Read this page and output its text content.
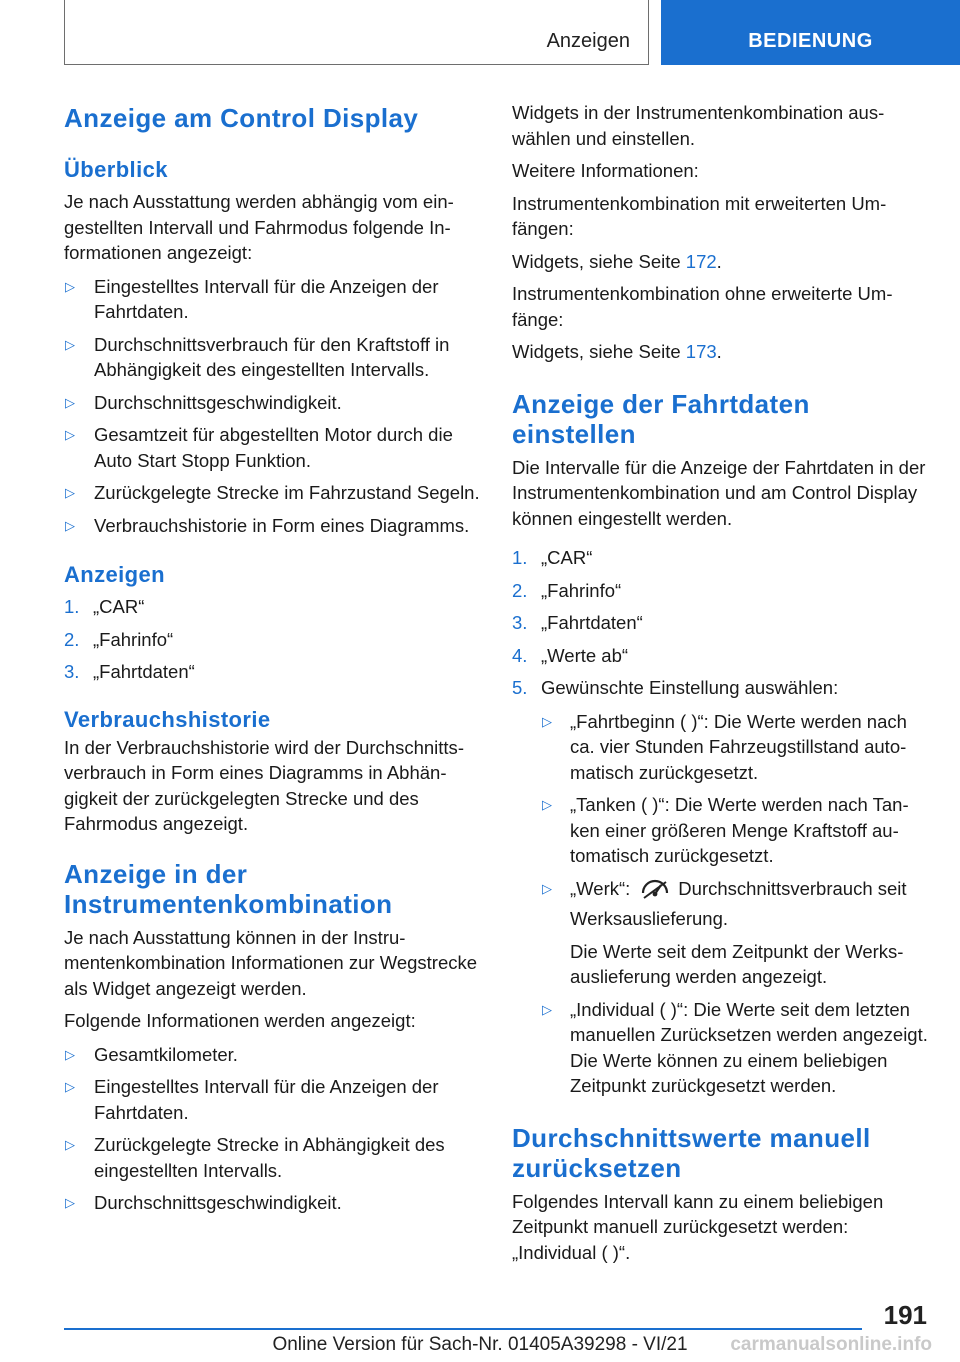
Anzeigen	BEDIENUNG
Anzeige am Control Display
Überblick

Je nach Ausstattung werden abhängig vom eingestellten Intervall und Fahrmodus folgende Informationen angezeigt:

▷ Eingestelltes Intervall für die Anzeigen der Fahrtdaten.
▷ Durchschnittsverbrauch für den Kraftstoff in Abhängigkeit des eingestellten Intervalls.
▷ Durchschnittsgeschwindigkeit.
▷ Gesamtzeit für abgestellten Motor durch die Auto Start Stopp Funktion.
▷ Zurückgelegte Strecke im Fahrzustand Segeln.
▷ Verbrauchshistorie in Form eines Diagramms.
Anzeigen
1. „CAR“
2. „Fahrinfo“
3. „Fahrtdaten“
Verbrauchshistorie

In der Verbrauchshistorie wird der Durchschnittsverbrauch in Form eines Diagramms in Abhängigkeit der zurückgelegten Strecke und des Fahrmodus angezeigt.

Anzeige in der Instrumentenkombination

Je nach Ausstattung können in der Instrumentenkombination Informationen zur Wegstrecke als Widget angezeigt werden.

Folgende Informationen werden angezeigt:

▷ Gesamtkilometer.
▷ Eingestelltes Intervall für die Anzeigen der Fahrtdaten.
▷ Zurückgelegte Strecke in Abhängigkeit des eingestellten Intervalls.
▷ Durchschnittsgeschwindigkeit.

Widgets in der Instrumentenkombination auswählen und einstellen.

Weitere Informationen:

Instrumentenkombination mit erweiterten Umfängen:

Widgets, siehe Seite 172.

Instrumentenkombination ohne erweiterte Umfänge:

Widgets, siehe Seite 173.

Anzeige der Fahrtdaten einstellen

Die Intervalle für die Anzeige der Fahrtdaten in der Instrumentenkombination und am Control Display können eingestellt werden.

1. „CAR“
2. „Fahrinfo“
3. „Fahrtdaten“
4. „Werte ab“
5. Gewünschte Einstellung auswählen:
▷ „Fahrtbeginn ( )“: Die Werte werden nach ca. vier Stunden Fahrzeugstillstand automatisch zurückgesetzt.
▷ „Tanken ( )“: Die Werte werden nach Tanken einer größeren Menge Kraftstoff automatisch zurückgesetzt.
▷ „Werk“:	Durchschnittsverbrauch seit Werksauslieferung.

Die Werte seit dem Zeitpunkt der Werksauslieferung werden angezeigt.

▷ „Individual ( )“: Die Werte seit dem letzten manuellen Zurücksetzen werden angezeigt. Die Werte können zu einem beliebigen Zeitpunkt zurückgesetzt werden.
Durchschnittswerte manuell zurücksetzen

Folgendes Intervall kann zu einem beliebigen Zeitpunkt manuell zurückgesetzt werden: „Individual ( )“.

191
Online Version für Sach-Nr. 01405A39298 - VI/21	carmanualsonline.info
